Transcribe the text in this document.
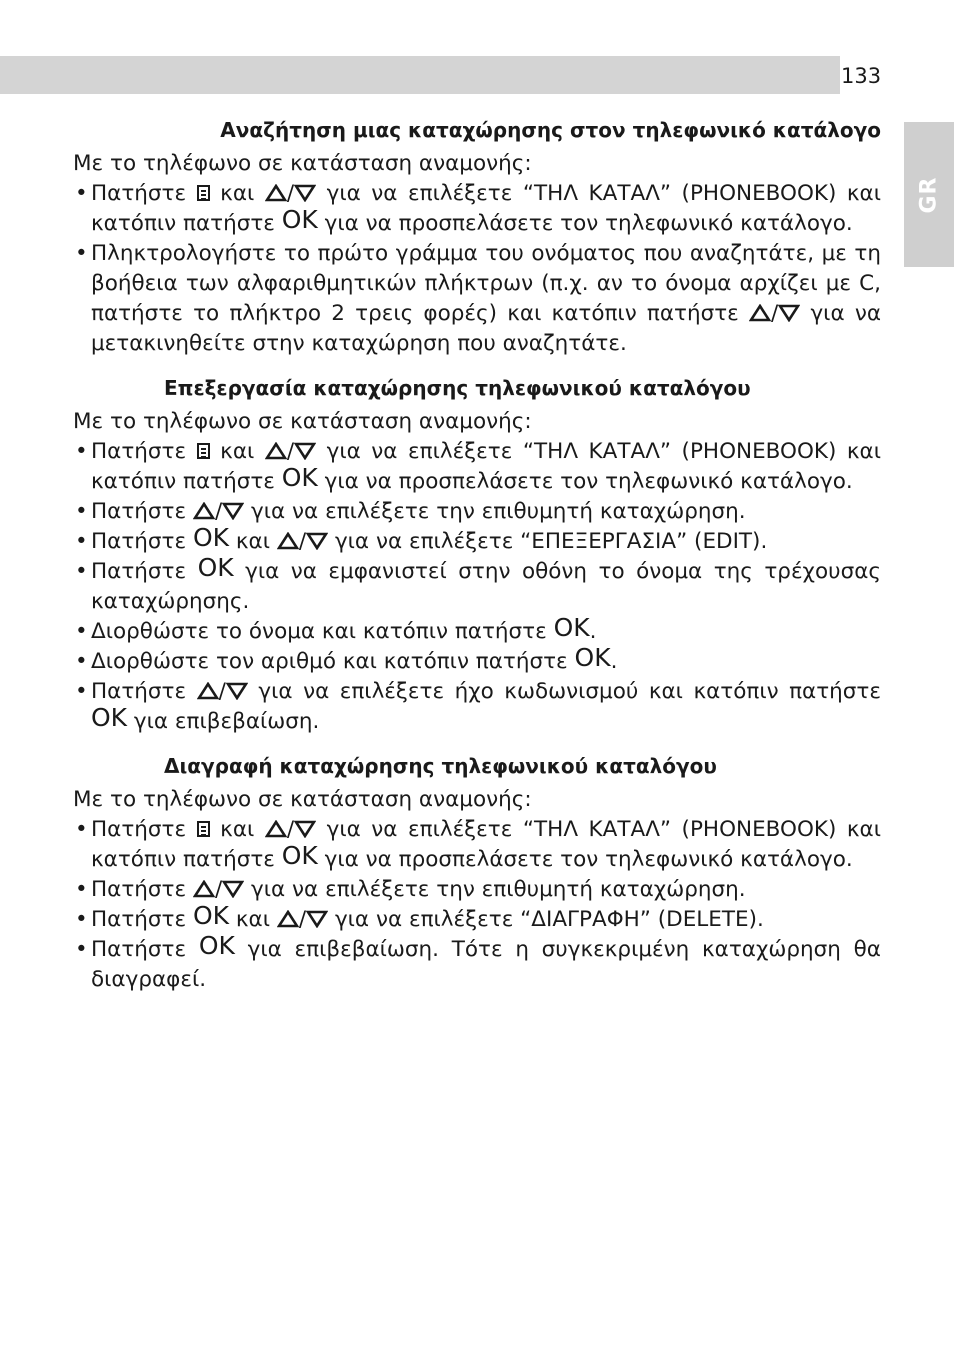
133
GR
Αναζήτηση μιας καταχώρησης στον τηλεφωνικό κατάλογο

Με το τηλέφωνο σε κατάσταση αναμονής:

• Πατήστε και / για να επιλέξετε “ΤΗΛ ΚΑΤΑΛ” (PHONEBOOK) και κατόπιν πατήστε OK για να προσπελάσετε τον τηλεφωνικό κατάλογο.
• Πληκτρολογήστε το πρώτο γράμμα του ονόματος που αναζητάτε, με τη βοήθεια των αλφαριθμητικών πλήκτρων (π.χ. αν το όνομα αρχίζει με C, πατήστε το πλήκτρο 2 τρεις φορές) και κατόπιν πατήστε / για να μετακινηθείτε στην καταχώρηση που αναζητάτε.
Επεξεργασία καταχώρησης τηλεφωνικού καταλόγου

Με το τηλέφωνο σε κατάσταση αναμονής:

• Πατήστε και / για να επιλέξετε “ΤΗΛ ΚΑΤΑΛ” (PHONEBOOK) και κατόπιν πατήστε OK για να προσπελάσετε τον τηλεφωνικό κατάλογο.
• Πατήστε / για να επιλέξετε την επιθυμητή καταχώρηση.
• Πατήστε OK και / για να επιλέξετε “ΕΠΕΞΕΡΓΑΣΙΑ” (EDIT).
• Πατήστε OK για να εμφανιστεί στην οθόνη το όνομα της τρέχουσας καταχώρησης.
• Διορθώστε το όνομα και κατόπιν πατήστε OK.
• Διορθώστε τον αριθμό και κατόπιν πατήστε OK.
• Πατήστε / για να επιλέξετε ήχο κωδωνισμού και κατόπιν πατήστε OK για επιβεβαίωση.
Διαγραφή καταχώρησης τηλεφωνικού καταλόγου

Με το τηλέφωνο σε κατάσταση αναμονής:

• Πατήστε και / για να επιλέξετε “ΤΗΛ ΚΑΤΑΛ” (PHONEBOOK) και κατόπιν πατήστε OK για να προσπελάσετε τον τηλεφωνικό κατάλογο.
• Πατήστε / για να επιλέξετε την επιθυμητή καταχώρηση.
• Πατήστε OK και / για να επιλέξετε “ΔΙΑΓΡΑΦΗ” (DELETE).
• Πατήστε OK για επιβεβαίωση. Τότε η συγκεκριμένη καταχώρηση θα διαγραφεί.
